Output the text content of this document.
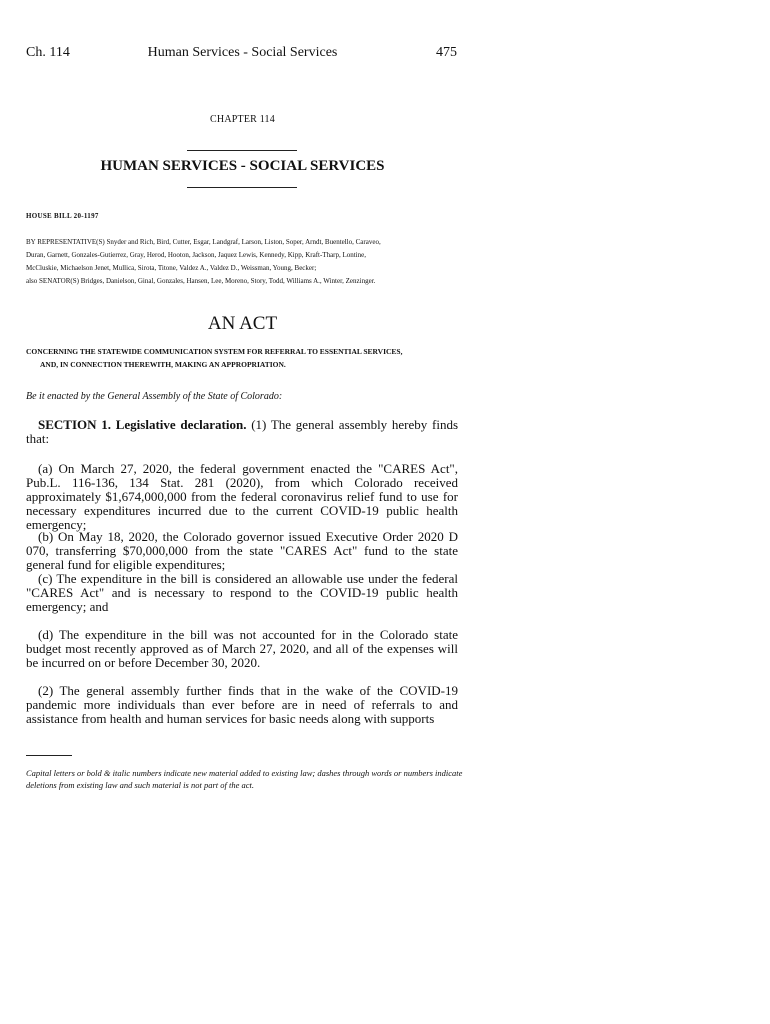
Ch. 114	Human Services - Social Services	475
CHAPTER 114
HUMAN SERVICES - SOCIAL SERVICES
HOUSE BILL 20-1197
BY REPRESENTATIVE(S) Snyder and Rich, Bird, Cutter, Esgar, Landgraf, Larson, Liston, Soper, Arndt, Buentello, Caraveo,
Duran, Garnett, Gonzales-Gutierrez, Gray, Herod, Hooton, Jackson, Jaquez Lewis, Kennedy, Kipp, Kraft-Tharp, Lontine,
McCluskie, Michaelson Jenet, Mullica, Sirota, Titone, Valdez A., Valdez D., Weissman, Young, Becker;
also SENATOR(S) Bridges, Danielson, Ginal, Gonzales, Hansen, Lee, Moreno, Story, Todd, Williams A., Winter, Zenzinger.
AN ACT
CONCERNING THE STATEWIDE COMMUNICATION SYSTEM FOR REFERRAL TO ESSENTIAL SERVICES,
AND, IN CONNECTION THEREWITH, MAKING AN APPROPRIATION.
Be it enacted by the General Assembly of the State of Colorado:
SECTION 1. Legislative declaration. (1) The general assembly hereby finds that:
(a) On March 27, 2020, the federal government enacted the "CARES Act", Pub.L. 116-136, 134 Stat. 281 (2020), from which Colorado received approximately $1,674,000,000 from the federal coronavirus relief fund to use for necessary expenditures incurred due to the current COVID-19 public health emergency;
(b) On May 18, 2020, the Colorado governor issued Executive Order 2020 D 070, transferring $70,000,000 from the state "CARES Act" fund to the state general fund for eligible expenditures;
(c) The expenditure in the bill is considered an allowable use under the federal "CARES Act" and is necessary to respond to the COVID-19 public health emergency; and
(d) The expenditure in the bill was not accounted for in the Colorado state budget most recently approved as of March 27, 2020, and all of the expenses will be incurred on or before December 30, 2020.
(2) The general assembly further finds that in the wake of the COVID-19 pandemic more individuals than ever before are in need of referrals to and assistance from health and human services for basic needs along with supports
Capital letters or bold & italic numbers indicate new material added to existing law; dashes through words or numbers indicate deletions from existing law and such material is not part of the act.
